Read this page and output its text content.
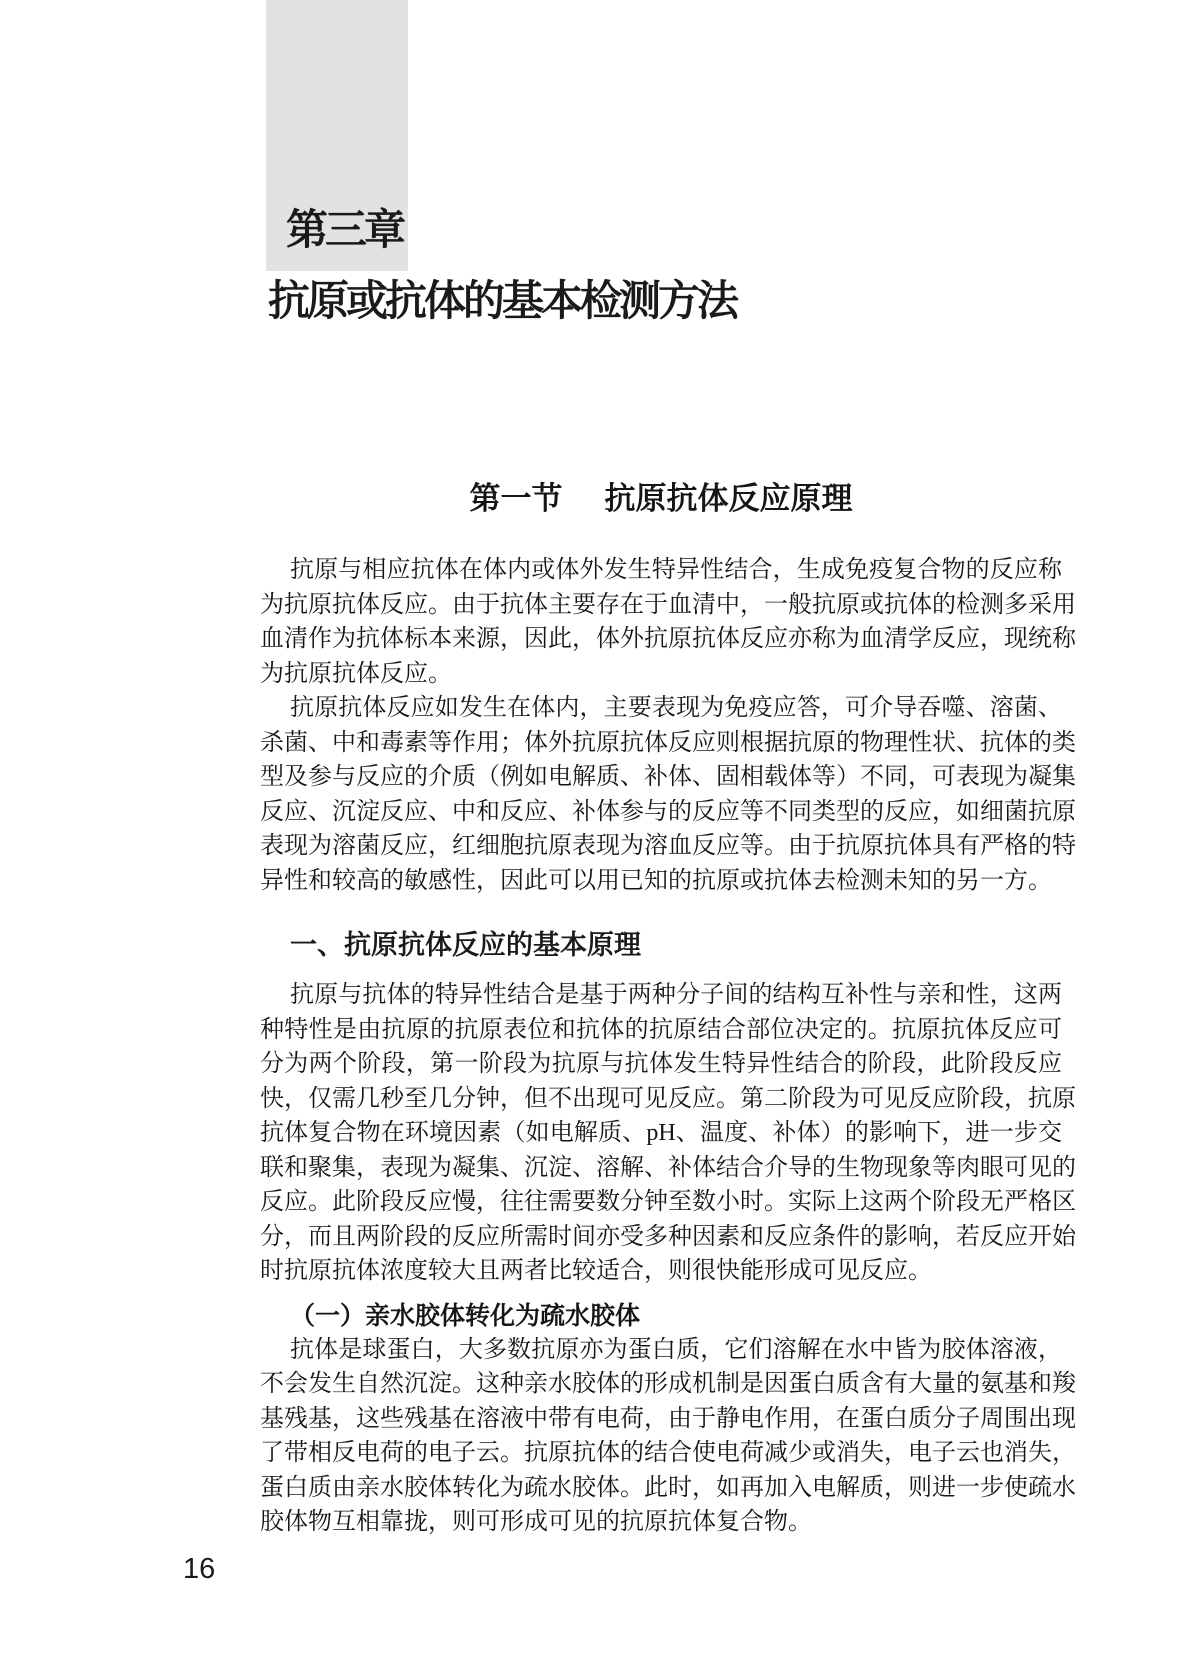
第三章
抗原或抗体的基本检测方法
第一节 抗原抗体反应原理
抗原与相应抗体在体内或体外发生特异性结合，生成免疫复合物的反应称
为抗原抗体反应。由于抗体主要存在于血清中，一般抗原或抗体的检测多采用
血清作为抗体标本来源，因此，体外抗原抗体反应亦称为血清学反应，现统称
为抗原抗体反应。
抗原抗体反应如发生在体内，主要表现为免疫应答，可介导吞噬、溶菌、
杀菌、中和毒素等作用；体外抗原抗体反应则根据抗原的物理性状、抗体的类
型及参与反应的介质（例如电解质、补体、固相载体等）不同，可表现为凝集
反应、沉淀反应、中和反应、补体参与的反应等不同类型的反应，如细菌抗原
表现为溶菌反应，红细胞抗原表现为溶血反应等。由于抗原抗体具有严格的特
异性和较高的敏感性，因此可以用已知的抗原或抗体去检测未知的另一方。
一、抗原抗体反应的基本原理
抗原与抗体的特异性结合是基于两种分子间的结构互补性与亲和性，这两
种特性是由抗原的抗原表位和抗体的抗原结合部位决定的。抗原抗体反应可
分为两个阶段，第一阶段为抗原与抗体发生特异性结合的阶段，此阶段反应
快，仅需几秒至几分钟，但不出现可见反应。第二阶段为可见反应阶段，抗原
抗体复合物在环境因素（如电解质、pH、温度、补体）的影响下，进一步交
联和聚集，表现为凝集、沉淀、溶解、补体结合介导的生物现象等肉眼可见的
反应。此阶段反应慢，往往需要数分钟至数小时。实际上这两个阶段无严格区
分，而且两阶段的反应所需时间亦受多种因素和反应条件的影响，若反应开始
时抗原抗体浓度较大且两者比较适合，则很快能形成可见反应。
（一）亲水胶体转化为疏水胶体
抗体是球蛋白，大多数抗原亦为蛋白质，它们溶解在水中皆为胶体溶液，
不会发生自然沉淀。这种亲水胶体的形成机制是因蛋白质含有大量的氨基和羧
基残基，这些残基在溶液中带有电荷，由于静电作用，在蛋白质分子周围出现
了带相反电荷的电子云。抗原抗体的结合使电荷减少或消失，电子云也消失，
蛋白质由亲水胶体转化为疏水胶体。此时，如再加入电解质，则进一步使疏水
胶体物互相靠拢，则可形成可见的抗原抗体复合物。
16
